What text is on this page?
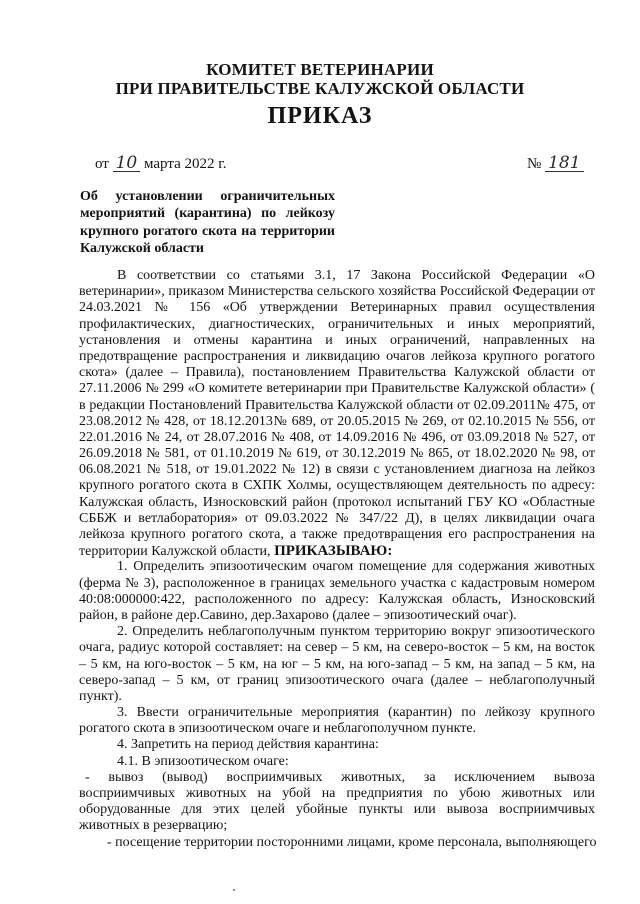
КОМИТЕТ ВЕТЕРИНАРИИ
ПРИ ПРАВИТЕЛЬСТВЕ КАЛУЖСКОЙ ОБЛАСТИ
ПРИКАЗ
от 10 марта 2022 г.	№ 181
Об установлении ограничительных
мероприятий (карантина) по лейкозу
крупного рогатого скота на территории
Калужской области
В соответствии со статьями 3.1, 17 Закона Российской Федерации «О
ветеринарии», приказом Министерства сельского хозяйства Российской Федерации от
24.03.2021 № 156 «Об утверждении Ветеринарных правил осуществления
профилактических, диагностических, ограничительных и иных мероприятий,
установления и отмены карантина и иных ограничений, направленных на
предотвращение распространения и ликвидацию очагов лейкоза крупного рогатого
скота» (далее – Правила), постановлением Правительства Калужской области от
27.11.2006 № 299 «О комитете ветеринарии при Правительстве Калужской области» (
в редакции Постановлений Правительства Калужской области от 02.09.2011№ 475, от
23.08.2012 № 428, от 18.12.2013№ 689, от 20.05.2015 № 269, от 02.10.2015 № 556, от
22.01.2016 № 24, от 28.07.2016 № 408, от 14.09.2016 № 496, от 03.09.2018 № 527, от
26.09.2018 № 581, от 01.10.2019 № 619, от 30.12.2019 № 865, от 18.02.2020 № 98, от
06.08.2021 № 518, от 19.01.2022 № 12) в связи с установлением диагноза на лейкоз
крупного рогатого скота в СХПК Холмы, осуществляющем деятельность по адресу:
Калужская область, Износковский район (протокол испытаний ГБУ КО «Областные
СББЖ и ветлаборатория» от 09.03.2022 № 347/22 Д), в целях ликвидации очага
лейкоза крупного рогатого скота, а также предотвращения его распространения на
территории Калужской области, ПРИКАЗЫВАЮ:
1. Определить эпизоотическим очагом помещение для содержания животных
(ферма № 3), расположенное в границах земельного участка с кадастровым номером
40:08:000000:422, расположенного по адресу: Калужская область, Износковский
район, в районе дер.Савино, дер.Захарово (далее – эпизоотический очаг).
2. Определить неблагополучным пунктом территорию вокруг эпизоотического
очага, радиус которой составляет: на север – 5 км, на северо-восток – 5 км, на восток
– 5 км, на юго-восток – 5 км, на юг – 5 км, на юго-запад – 5 км, на запад – 5 км, на
северо-запад – 5 км, от границ эпизоотического очага (далее – неблагополучный
пункт).
3. Ввести ограничительные мероприятия (карантин) по лейкозу крупного
рогатого скота в эпизоотическом очаге и неблагополучном пункте.
4. Запретить на период действия карантина:
4.1. В эпизоотическом очаге:
- вывоз (вывод) восприимчивых животных, за исключением вывоза
восприимчивых животных на убой на предприятия по убою животных или
оборудованные для этих целей убойные пункты или вывоза восприимчивых
животных в резервацию;
- посещение территории посторонними лицами, кроме персонала, выполняющего
